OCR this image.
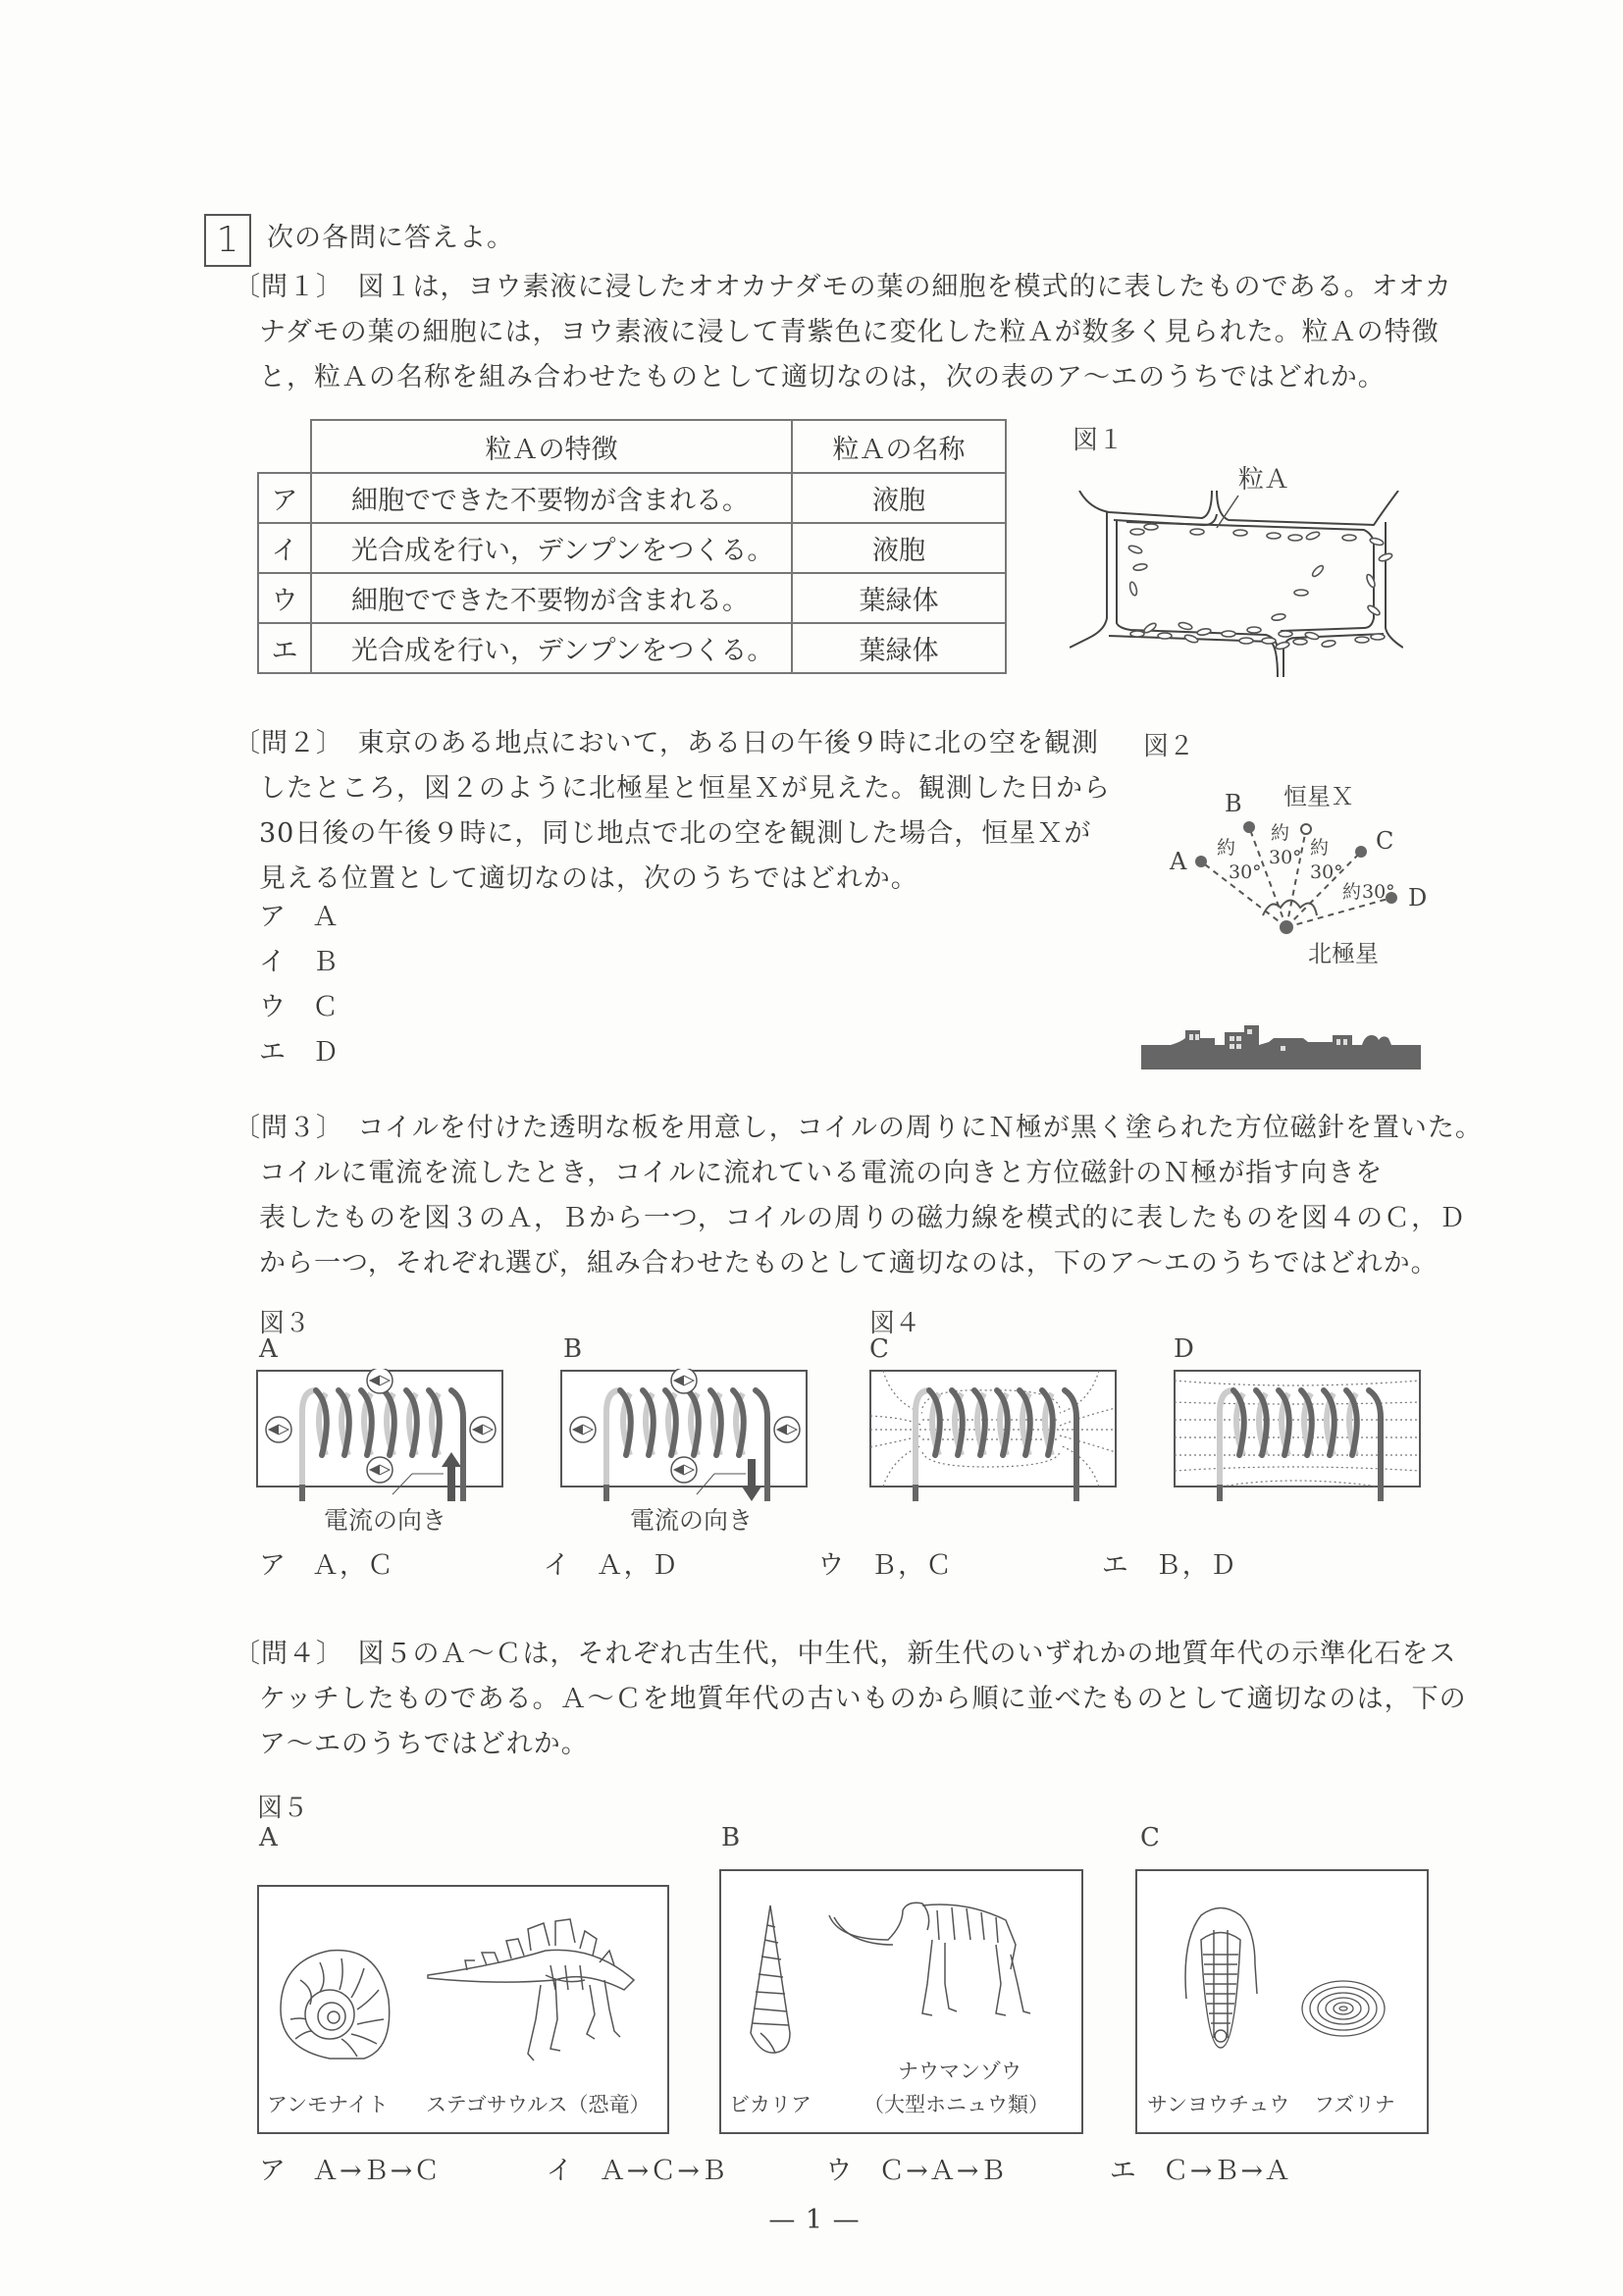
1	次の各問に答えよ。
〔問１〕　図１は，ヨウ素液に浸したオオカナダモの葉の細胞を模式的に表したものである。オオカ
ナダモの葉の細胞には，ヨウ素液に浸して青紫色に変化した粒Ａが数多く見られた。粒Ａの特徴
と，粒Ａの名称を組み合わせたものとして適切なのは，次の表のア～エのうちではどれか。
	粒Ａの特徴	粒Ａの名称
ア	細胞でできた不要物が含まれる。	液胞
イ	光合成を行い，デンプンをつくる。	液胞
ウ	細胞でできた不要物が含まれる。	葉緑体
エ	光合成を行い，デンプンをつくる。	葉緑体
図１
粒Ａ
〔問２〕　東京のある地点において，ある日の午後９時に北の空を観測
したところ，図２のように北極星と恒星Ｘが見えた。観測した日から
30日後の午後９時に，同じ地点で北の空を観測した場合，恒星Ｘが
見える位置として適切なのは，次のうちではどれか。
ア Ａ
イ Ｂ
ウ Ｃ
エ Ｄ
図２
A
B
C
D
恒星Ｘ
北極星
約
30°
約
30° 約
30°
約 30°
〔問３〕　コイルを付けた透明な板を用意し，コイルの周りにＮ極が黒く塗られた方位磁針を置いた。
コイルに電流を流したとき，コイルに流れている電流の向きと方位磁針のＮ極が指す向きを
表したものを図３のＡ，Ｂから一つ，コイルの周りの磁力線を模式的に表したものを図４のＣ，Ｄ
から一つ，それぞれ選び，組み合わせたものとして適切なのは，下のア～エのうちではどれか。
図３
A	B
図４
C	D
電流の向き	電流の向き
ア Ａ，Ｃ	イ Ａ，Ｄ	ウ Ｂ，Ｃ	エ Ｂ，Ｄ
〔問４〕　図５のＡ～Ｃは，それぞれ古生代，中生代，新生代のいずれかの地質年代の示準化石をス
ケッチしたものである。Ａ～Ｃを地質年代の古いものから順に並べたものとして適切なのは，下の
ア～エのうちではどれか。
図５
A	B	C
アンモナイト ステゴサウルス（恐竜）	ビカリア
ナウマンゾウ
（大型ホニュウ類）	サンヨウチュウ フズリナ
ア Ａ→Ｂ→Ｃ	イ Ａ→Ｃ→Ｂ	ウ Ｃ→Ａ→Ｂ	エ Ｃ→Ｂ→Ａ
— 1 —
